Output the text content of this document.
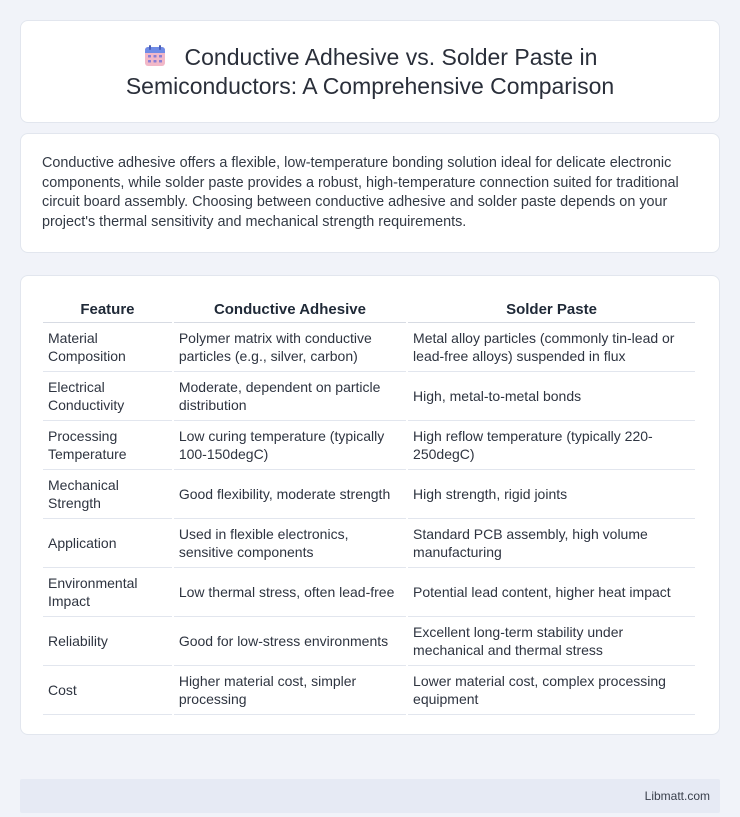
Conductive Adhesive vs. Solder Paste in
Semiconductors: A Comprehensive Comparison

Conductive adhesive offers a flexible, low-temperature bonding solution ideal for delicate electronic components, while solder paste provides a robust, high-temperature connection suited for traditional circuit board assembly. Choosing between conductive adhesive and solder paste depends on your project's thermal sensitivity and mechanical strength requirements.

Feature	Conductive Adhesive	Solder Paste
Material Composition	Polymer matrix with conductive particles (e.g., silver, carbon)	Metal alloy particles (commonly tin-lead or lead-free alloys) suspended in flux
Electrical Conductivity	Moderate, dependent on particle distribution	High, metal-to-metal bonds
Processing Temperature	Low curing temperature (typically 100-150degC)	High reflow temperature (typically 220-250degC)
Mechanical Strength	Good flexibility, moderate strength	High strength, rigid joints
Application	Used in flexible electronics, sensitive components	Standard PCB assembly, high volume manufacturing
Environmental Impact	Low thermal stress, often lead-free	Potential lead content, higher heat impact
Reliability	Good for low-stress environments	Excellent long-term stability under mechanical and thermal stress
Cost	Higher material cost, simpler processing	Lower material cost, complex processing equipment
Libmatt.com
